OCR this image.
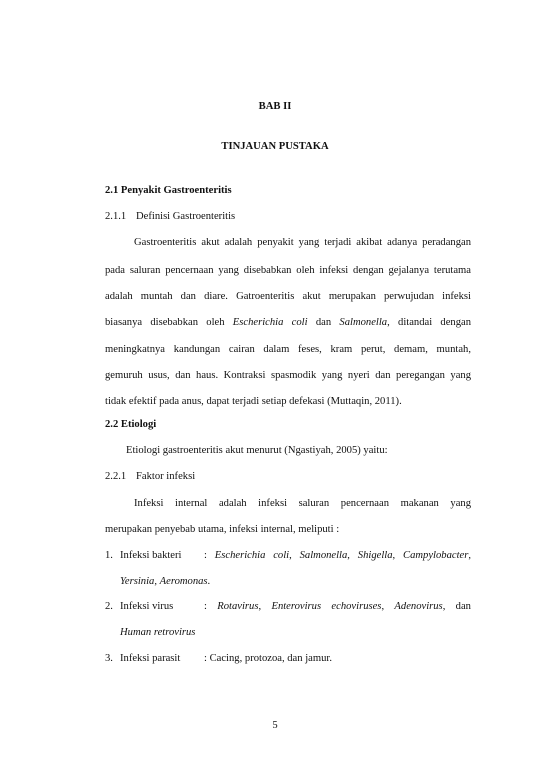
BAB II
TINJAUAN PUSTAKA
2.1 Penyakit Gastroenteritis
2.1.1 Definisi Gastroenteritis
Gastroenteritis akut adalah penyakit yang terjadi akibat adanya peradangan
pada saluran pencernaan yang disebabkan oleh infeksi dengan gejalanya terutama
adalah muntah dan diare. Gatroenteritis akut merupakan perwujudan infeksi
biasanya disebabkan oleh Escherichia coli dan Salmonella, ditandai dengan
meningkatnya kandungan cairan dalam feses, kram perut, demam, muntah,
gemuruh usus, dan haus. Kontraksi spasmodik yang nyeri dan peregangan yang
tidak efektif pada anus, dapat terjadi setiap defekasi (Muttaqin, 2011).
2.2 Etiologi
Etiologi gastroenteritis akut menurut (Ngastiyah, 2005) yaitu:
2.2.1 Faktor infeksi
Infeksi internal adalah infeksi saluran pencernaan makanan yang
merupakan penyebab utama, infeksi internal, meliputi :
1. Infeksi bakteri : Escherichia coli, Salmonella, Shigella, Campylobacter,
Yersinia, Aeromonas.
2. Infeksi virus	: Rotavirus, Enterovirus echoviruses, Adenovirus, dan
Human retrovirus
3. Infeksi parasit : Cacing, protozoa, dan jamur.
5
